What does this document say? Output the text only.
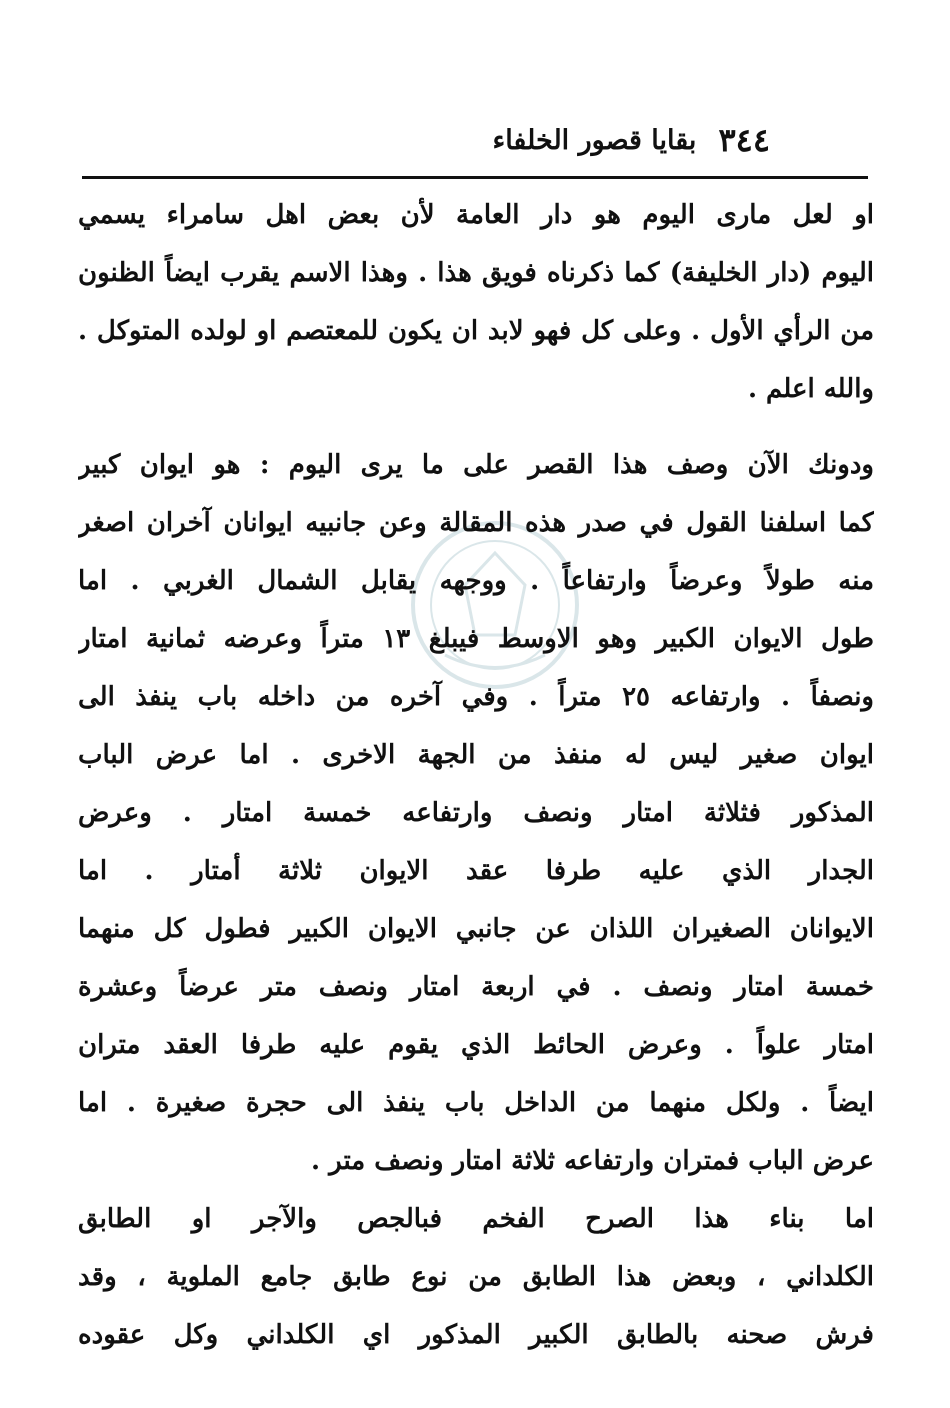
٣٤٤
بقايا قصور الخلفاء
او لعل ماری الیوم هو دار العامة لأن بعض اهل سامراء يسمي
اليوم (دار الخليفة) كما ذكرناه فويق هذا . وهذا الاسم يقرب ايضاً الظنون
من الرأي الأول . وعلى كل فهو لابد ان يكون للمعتصم او لولده المتوكل .
والله اعلم .
ودونك الآن وصف هذا القصر على ما يرى اليوم : هو ايوان كبير
كما اسلفنا القول في صدر هذه المقالة وعن جانبيه ايوانان آخران اصغر
منه طولاً وعرضاً وارتفاعاً . ووجهه يقابل الشمال الغربي . اما
طول الايوان الكبير وهو الاوسط فيبلغ ١٣ متراً وعرضه ثمانية امتار
ونصفاً . وارتفاعه ٢٥ متراً . وفي آخره من داخله باب ينفذ الى
ايوان صغير ليس له منفذ من الجهة الاخرى . اما عرض الباب
المذكور فثلاثة امتار ونصف وارتفاعه خمسة امتار . وعرض
الجدار الذي عليه طرفا عقد الايوان ثلاثة أمتار . اما
الايوانان الصغيران اللذان عن جانبي الايوان الكبير فطول كل منهما
خمسة امتار ونصف . في اربعة امتار ونصف متر عرضاً وعشرة
امتار علواً . وعرض الحائط الذي يقوم عليه طرفا العقد متران
ايضاً . ولكل منهما من الداخل باب ينفذ الى حجرة صغيرة . اما
عرض الباب فمتران وارتفاعه ثلاثة امتار ونصف متر .
اما بناء هذا الصرح الفخم فبالجص والآجر او الطابق
الكلداني ، وبعض هذا الطابق من نوع طابق جامع الملوية ، وقد
فرش صحنه بالطابق الكبير المذكور اي الكلداني وكل عقوده
